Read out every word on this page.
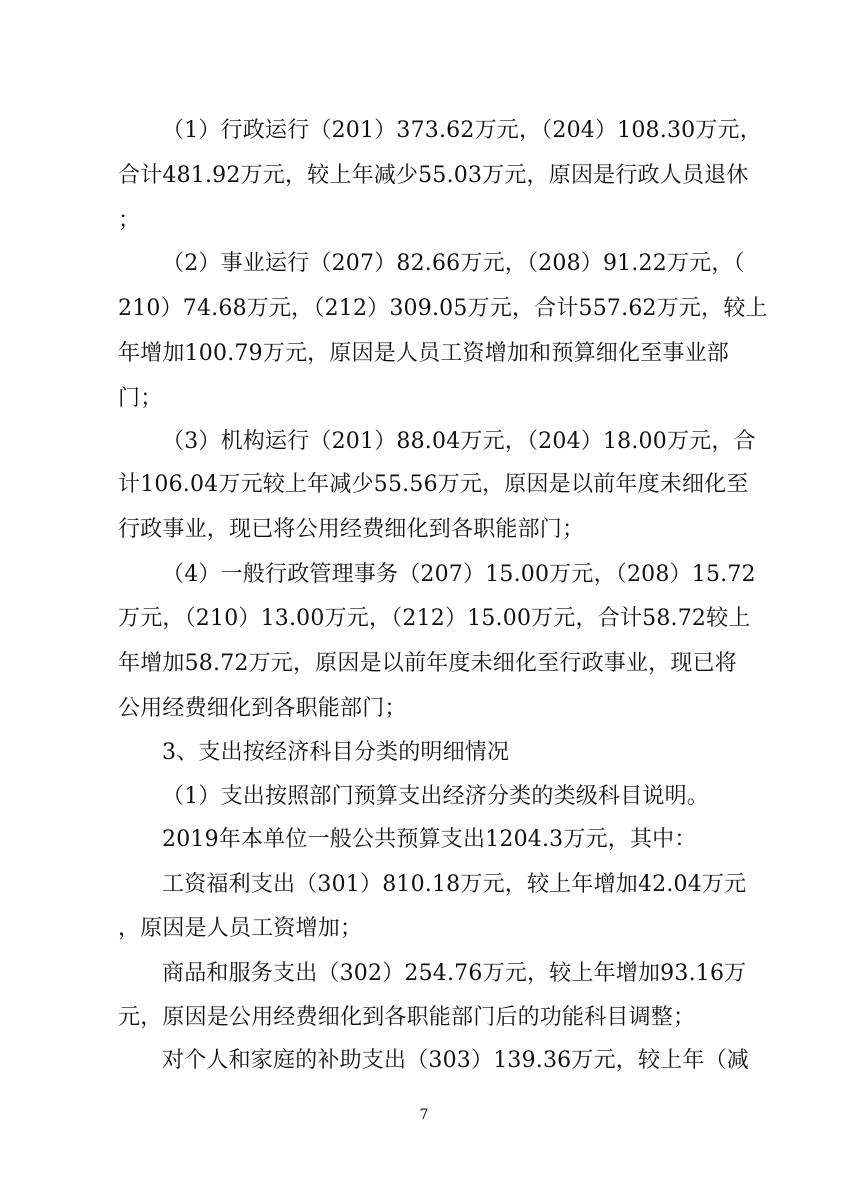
（1）行政运行（201）373.62万元，（204）108.30万元，
合计481.92万元，较上年减少55.03万元，原因是行政人员退休
；
（2）事业运行（207）82.66万元，（208）91.22万元，（
210）74.68万元，（212）309.05万元，合计557.62万元，较上
年增加100.79万元，原因是人员工资增加和预算细化至事业部
门；
（3）机构运行（201）88.04万元，（204）18.00万元，合
计106.04万元较上年减少55.56万元，原因是以前年度未细化至
行政事业，现已将公用经费细化到各职能部门；
（4）一般行政管理事务（207）15.00万元，（208）15.72
万元，（210）13.00万元，（212）15.00万元，合计58.72较上
年增加58.72万元，原因是以前年度未细化至行政事业，现已将
公用经费细化到各职能部门；
3、支出按经济科目分类的明细情况
（1）支出按照部门预算支出经济分类的类级科目说明。
2019年本单位一般公共预算支出1204.3万元，其中：
工资福利支出（301）810.18万元，较上年增加42.04万元
，原因是人员工资增加；
商品和服务支出（302）254.76万元，较上年增加93.16万
元，原因是公用经费细化到各职能部门后的功能科目调整；
对个人和家庭的补助支出（303）139.36万元，较上年（减
7
